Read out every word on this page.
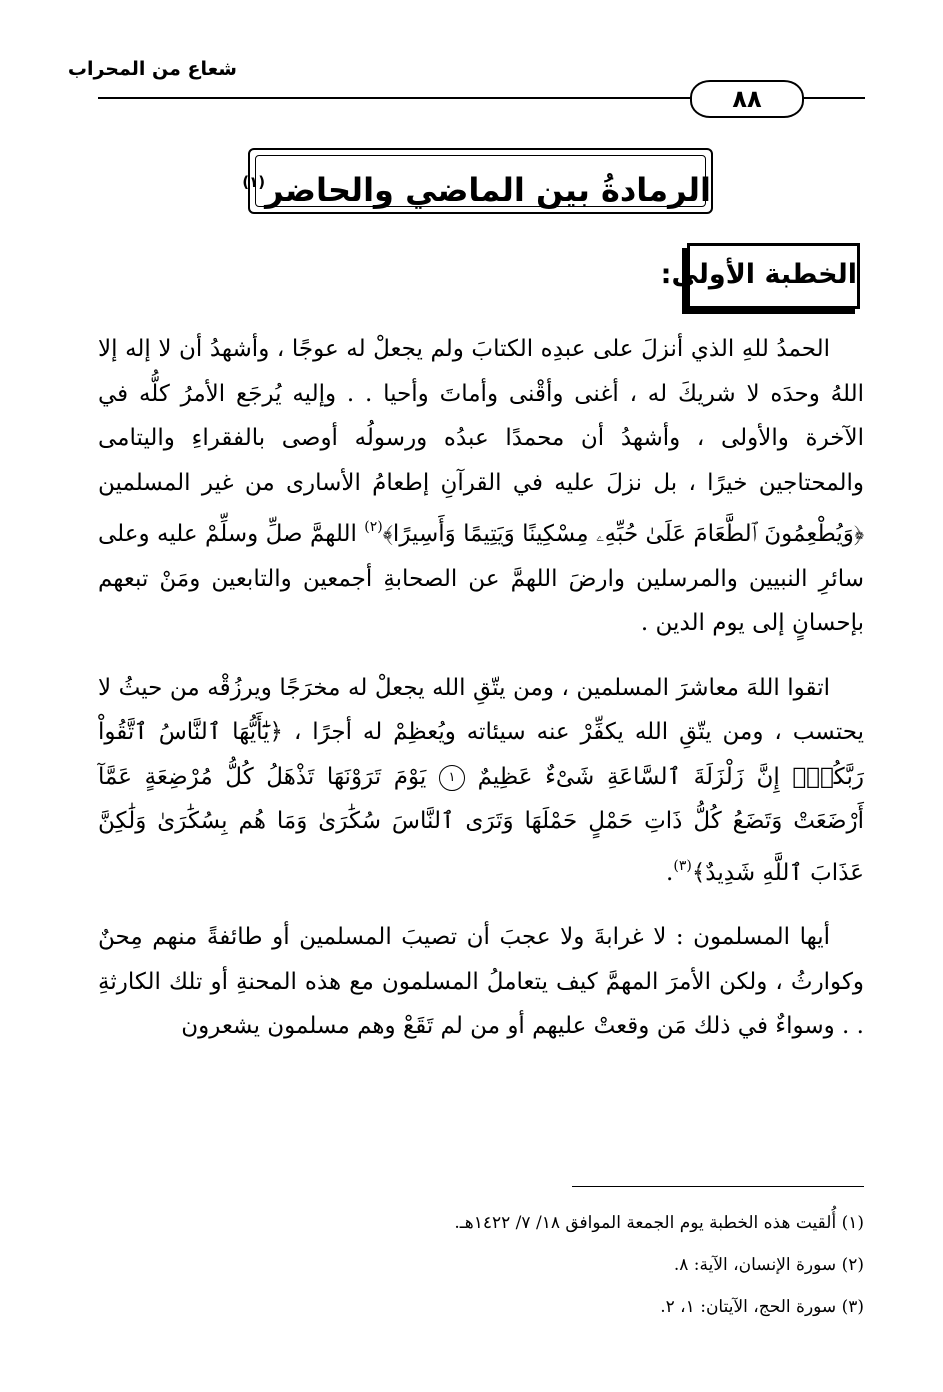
شعاع من المحراب
٨٨
الرمادةُ بين الماضي والحاضر$^{(١)}$
الخطبة الأولى:

الحمدُ للهِ الذي أنزلَ على عبدِه الكتابَ ولم يجعلْ له عوجًا ، وأشهدُ أن لا إله إلا اللهُ وحدَه لا شريكَ له ، أغنى وأقْنى وأماتَ وأحيا . . وإليه يُرجَع الأمرُ كلُّه في الآخرة والأولى ، وأشهدُ أن محمدًا عبدُه ورسولُه أوصى بالفقراءِ واليتامى والمحتاجين خيرًا ، بل نزلَ عليه في القرآنِ إطعامُ الأسارى من غير المسلمين ﴿وَيُطْعِمُونَ ٱلطَّعَامَ عَلَىٰ حُبِّهِۦ مِسْكِينًا وَيَتِيمًا وَأَسِيرًا﴾$^{(٢)}$ اللهمَّ صلِّ وسلِّمْ عليه وعلى سائرِ النبيين والمرسلين وارضَ اللهمَّ عن الصحابةِ أجمعين والتابعين ومَنْ تبعهم بإحسانٍ إلى يوم الدين .

اتقوا اللهَ معاشرَ المسلمين ، ومن يتّقِ الله يجعلْ له مخرَجًا ويرزُقْه من حيثُ لا يحتسب ، ومن يتّقِ الله يكفِّرْ عنه سيئاته ويُعظِمْ له أجرًا ، ﴿يَٰٓأَيُّهَا ٱلنَّاسُ ٱتَّقُواْ رَبَّكُمْۚ إِنَّ زَلْزَلَةَ ٱلسَّاعَةِ شَىْءٌ عَظِيمٌ ١ يَوْمَ تَرَوْنَهَا تَذْهَلُ كُلُّ مُرْضِعَةٍ عَمَّآ أَرْضَعَتْ وَتَضَعُ كُلُّ ذَاتِ حَمْلٍ حَمْلَهَا وَتَرَى ٱلنَّاسَ سُكَٰرَىٰ وَمَا هُم بِسُكَٰرَىٰ وَلَٰكِنَّ عَذَابَ ٱللَّهِ شَدِيدٌ﴾$^{(٣)}$.

أيها المسلمون : لا غرابةَ ولا عجبَ أن تصيبَ المسلمين أو طائفةً منهم مِحنٌ وكوارثُ ، ولكن الأمرَ المهمَّ كيف يتعاملُ المسلمون مع هذه المحنةِ أو تلك الكارثةِ . . وسواءٌ في ذلك مَن وقعتْ عليهم أو من لم تَقَعْ وهم مسلمون يشعرون

(١) أُلقيت هذه الخطبة يوم الجمعة الموافق ١٨/ ٧/ ١٤٢٢هـ.
(٢) سورة الإنسان، الآية: ٨.
(٣) سورة الحج، الآيتان: ١، ٢.
